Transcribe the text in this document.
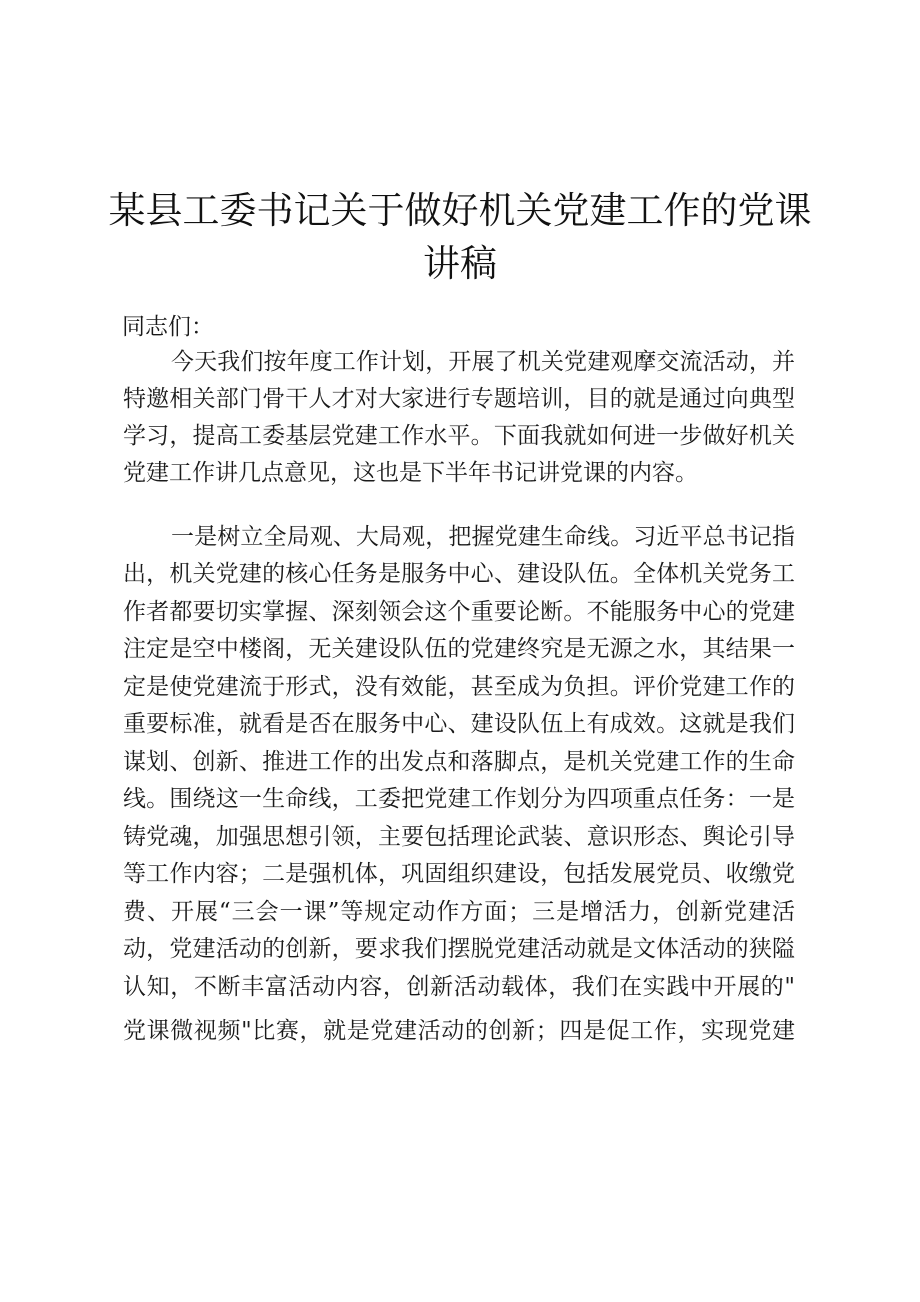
某县工委书记关于做好机关党建工作的党课
讲稿
同志们：
今天我们按年度工作计划，开展了机关党建观摩交流活动，并
特邀相关部门骨干人才对大家进行专题培训，目的就是通过向典型
学习，提高工委基层党建工作水平。下面我就如何进一步做好机关
党建工作讲几点意见，这也是下半年书记讲党课的内容。
一是树立全局观、大局观，把握党建生命线。习近平总书记指
出，机关党建的核心任务是服务中心、建设队伍。全体机关党务工
作者都要切实掌握、深刻领会这个重要论断。不能服务中心的党建
注定是空中楼阁，无关建设队伍的党建终究是无源之水，其结果一
定是使党建流于形式，没有效能，甚至成为负担。评价党建工作的
重要标准，就看是否在服务中心、建设队伍上有成效。这就是我们
谋划、创新、推进工作的出发点和落脚点，是机关党建工作的生命
线。围绕这一生命线，工委把党建工作划分为四项重点任务：一是
铸党魂，加强思想引领，主要包括理论武装、意识形态、舆论引导
等工作内容；二是强机体，巩固组织建设，包括发展党员、收缴党
费、开展“三会一课”等规定动作方面；三是增活力，创新党建活
动，党建活动的创新，要求我们摆脱党建活动就是文体活动的狭隘
认知，不断丰富活动内容，创新活动载体，我们在实践中开展的"
党课微视频"比赛，就是党建活动的创新；四是促工作，实现党建
